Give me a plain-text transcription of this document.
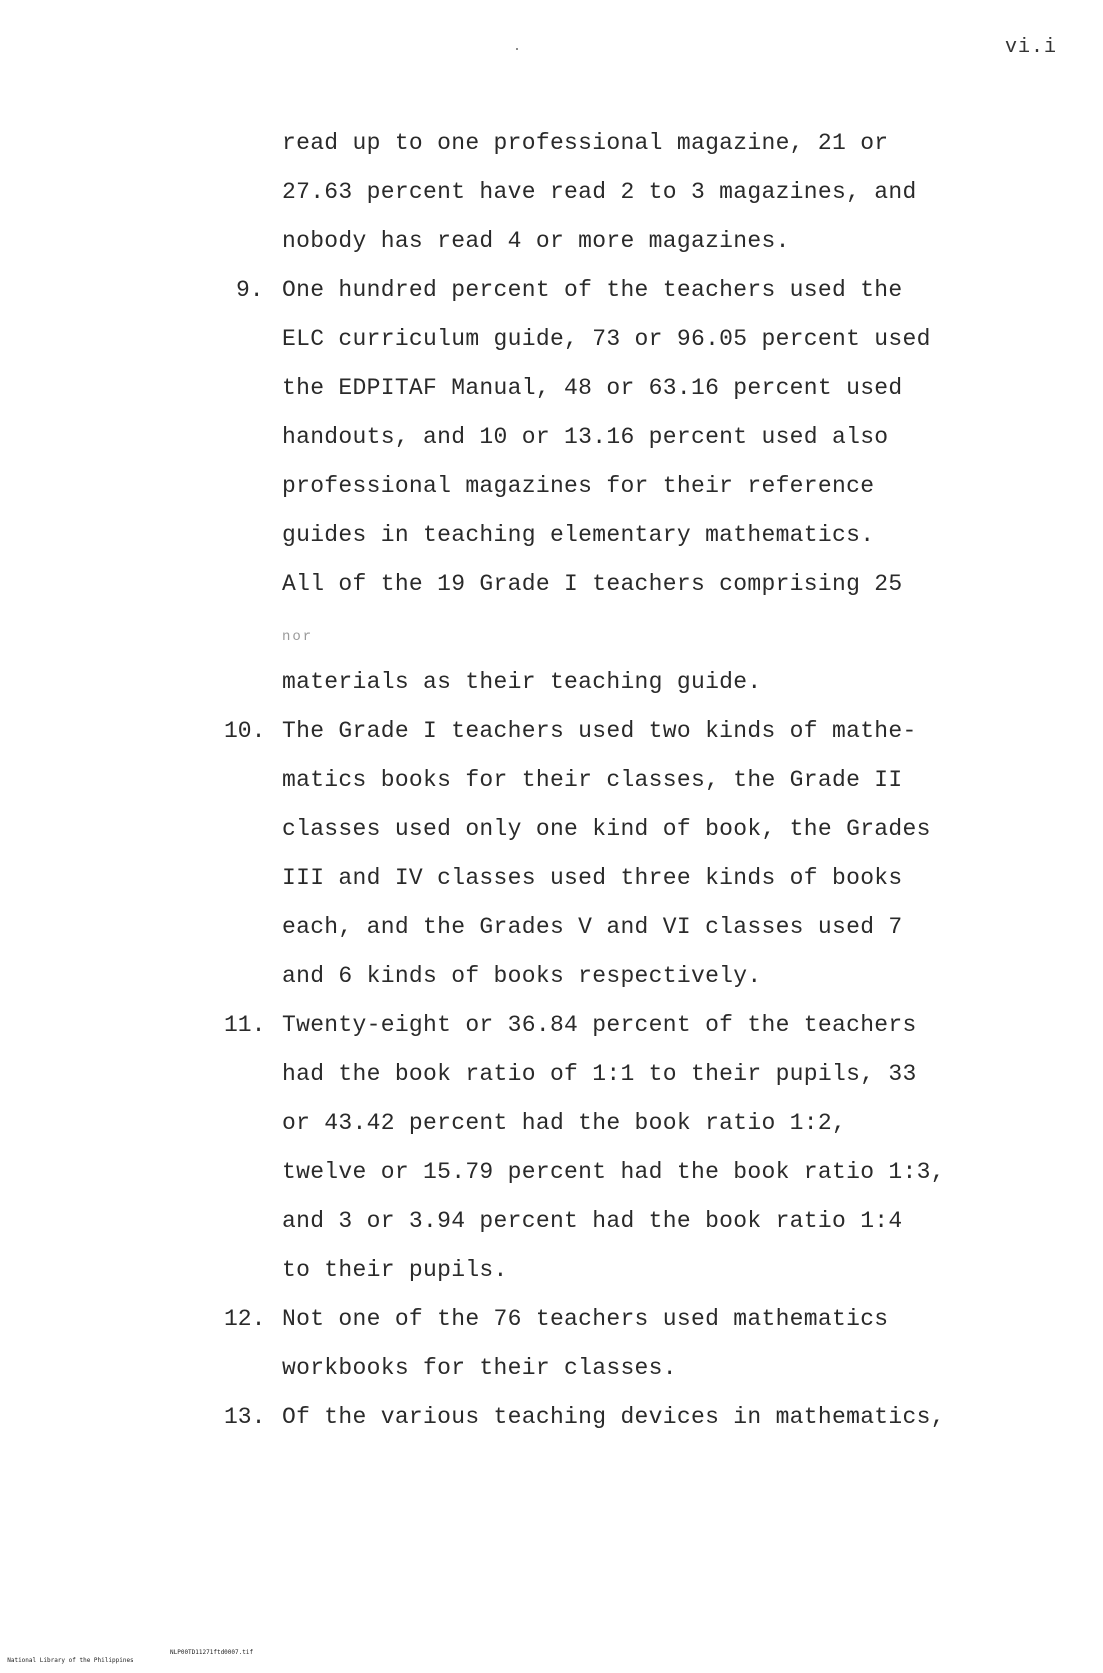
vi.i
read up to one professional magazine, 21 or
27.63 percent have read 2 to 3 magazines, and
nobody has read 4 or more magazines.
9. One hundred percent of the teachers used the
ELC curriculum guide, 73 or 96.05 percent used
the EDPITAF Manual, 48 or 63.16 percent used
handouts, and 10 or 13.16 percent used also
professional magazines for their reference
guides in teaching elementary mathematics.
All of the 19 Grade I teachers comprising 25
nor
materials as their teaching guide.
10. The Grade I teachers used two kinds of mathe-
matics books for their classes, the Grade II
classes used only one kind of book, the Grades
III and IV classes used three kinds of books
each, and the Grades V and VI classes used 7
and 6 kinds of books respectively.
11. Twenty-eight or 36.84 percent of the teachers
had the book ratio of 1:1 to their pupils, 33
or 43.42 percent had the book ratio 1:2,
twelve or 15.79 percent had the book ratio 1:3,
and 3 or 3.94 percent had the book ratio 1:4
to their pupils.
12. Not one of the 76 teachers used mathematics
workbooks for their classes.
13. Of the various teaching devices in mathematics,

National Library of the Philippines

NLP00TD11271ftd0007.tif
